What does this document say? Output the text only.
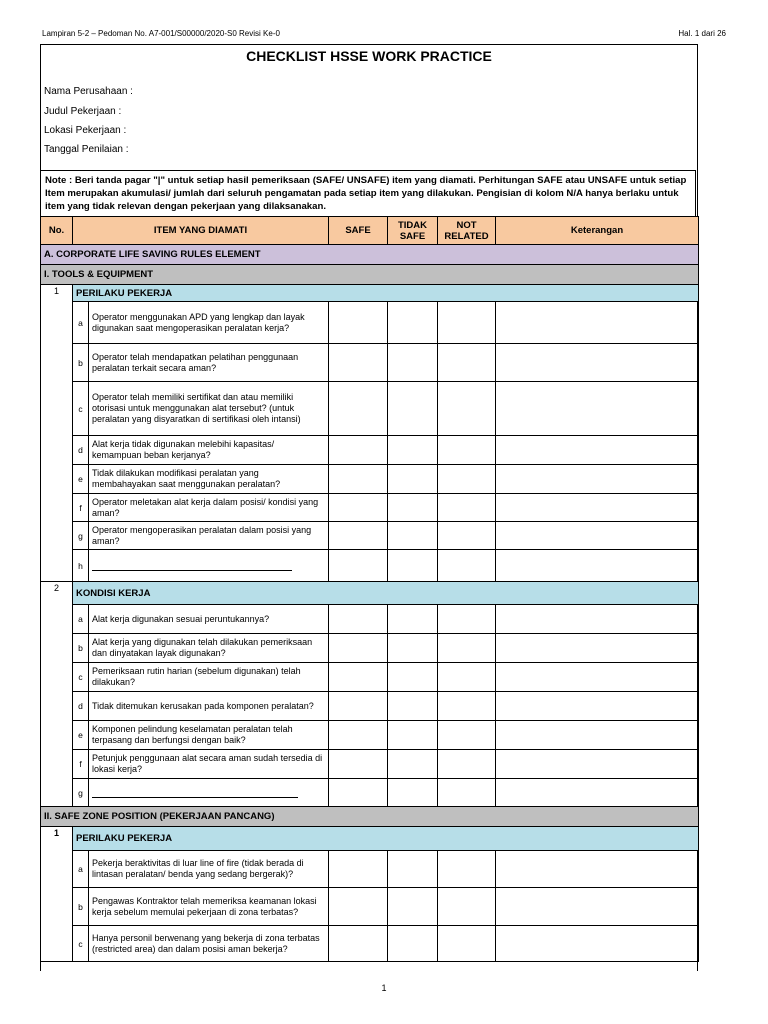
Lampiran 5-2 – Pedoman No. A7-001/S00000/2020-S0 Revisi Ke-0	Hal. 1 dari 26
CHECKLIST HSSE WORK PRACTICE
Nama Perusahaan :
Judul Pekerjaan :
Lokasi Pekerjaan :
Tanggal Penilaian :
Note : Beri tanda pagar "|" untuk setiap hasil pemeriksaan (SAFE/ UNSAFE) item yang diamati. Perhitungan SAFE atau UNSAFE untuk setiap Item merupakan akumulasi/ jumlah dari seluruh pengamatan pada setiap item yang dilakukan. Pengisian di kolom N/A hanya berlaku untuk item yang tidak relevan dengan pekerjaan yang dilaksanakan.
No.	ITEM YANG DIAMATI		SAFE	TIDAK SAFE	NOT RELATED	Keterangan
A. CORPORATE LIFE SAVING RULES ELEMENT						
I. TOOLS & EQUIPMENT						
1	PERILAKU PEKERJA					
	a	Operator menggunakan APD yang lengkap dan layak digunakan saat mengoperasikan peralatan kerja?				
	b	Operator telah mendapatkan pelatihan penggunaan peralatan terkait secara aman?				
	c	Operator telah memiliki sertifikat dan atau memiliki otorisasi untuk menggunakan alat tersebut? (untuk peralatan yang disyaratkan di sertifikasi oleh intansi)				
	d	Alat kerja tidak digunakan melebihi kapasitas/ kemampuan beban kerjanya?				
	e	Tidak dilakukan modifikasi peralatan yang membahayakan saat menggunakan peralatan?				
	f	Operator meletakan alat kerja dalam posisi/ kondisi yang aman?				
	g	Operator mengoperasikan peralatan dalam posisi yang aman?				
	h					
2	KONDISI KERJA					
	a	Alat kerja digunakan sesuai peruntukannya?				
	b	Alat kerja yang digunakan telah dilakukan pemeriksaan dan dinyatakan layak digunakan?				
	c	Pemeriksaan rutin harian (sebelum digunakan) telah dilakukan?				
	d	Tidak ditemukan kerusakan pada komponen peralatan?				
	e	Komponen pelindung keselamatan peralatan telah terpasang dan berfungsi dengan baik?				
	f	Petunjuk penggunaan alat secara aman sudah tersedia di lokasi kerja?				
	g					
II. SAFE ZONE POSITION (PEKERJAAN PANCANG)						
1	PERILAKU PEKERJA					
	a	Pekerja beraktivitas di luar line of fire (tidak berada di lintasan peralatan/ benda yang sedang bergerak)?				
	b	Pengawas Kontraktor telah memeriksa keamanan lokasi kerja sebelum memulai pekerjaan di zona terbatas?				
	c	Hanya personil berwenang yang bekerja di zona terbatas (restricted area) dan dalam posisi aman bekerja?				
1
